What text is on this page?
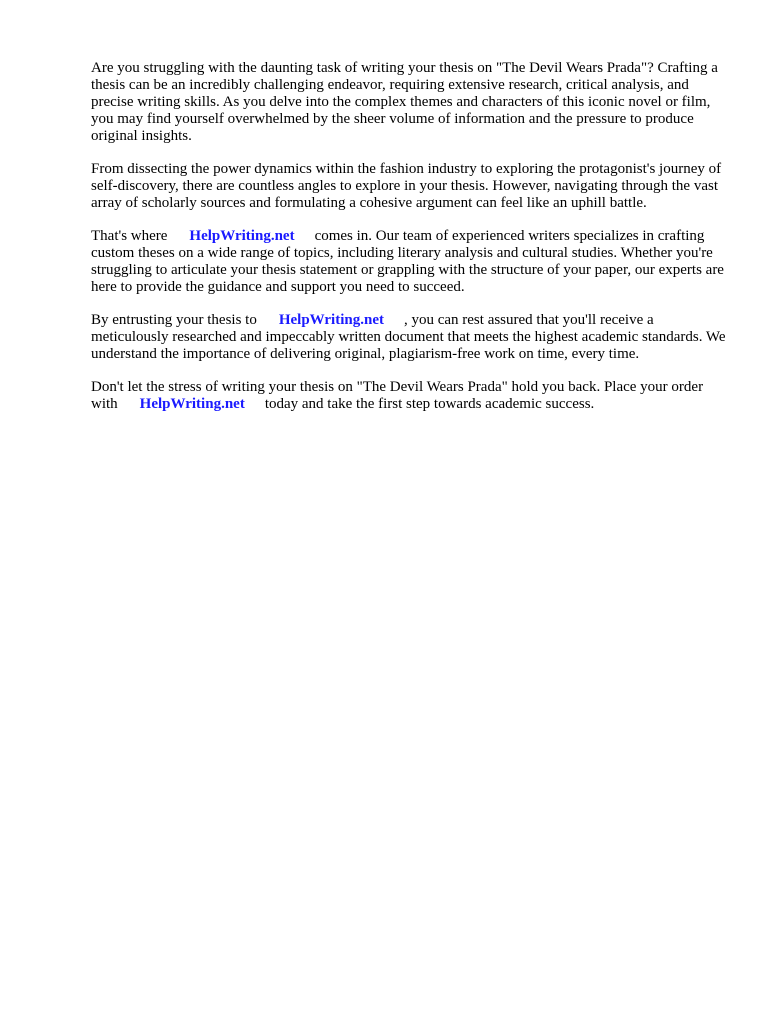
Are you struggling with the daunting task of writing your thesis on "The Devil Wears Prada"? Crafting a thesis can be an incredibly challenging endeavor, requiring extensive research, critical analysis, and precise writing skills. As you delve into the complex themes and characters of this iconic novel or film, you may find yourself overwhelmed by the sheer volume of information and the pressure to produce original insights.

From dissecting the power dynamics within the fashion industry to exploring the protagonist's journey of self-discovery, there are countless angles to explore in your thesis. However, navigating through the vast array of scholarly sources and formulating a cohesive argument can feel like an uphill battle.

That's where HelpWriting.net comes in. Our team of experienced writers specializes in crafting custom theses on a wide range of topics, including literary analysis and cultural studies. Whether you're struggling to articulate your thesis statement or grappling with the structure of your paper, our experts are here to provide the guidance and support you need to succeed.

By entrusting your thesis to HelpWriting.net , you can rest assured that you'll receive a meticulously researched and impeccably written document that meets the highest academic standards. We understand the importance of delivering original, plagiarism-free work on time, every time.

Don't let the stress of writing your thesis on "The Devil Wears Prada" hold you back. Place your order with HelpWriting.net today and take the first step towards academic success.
